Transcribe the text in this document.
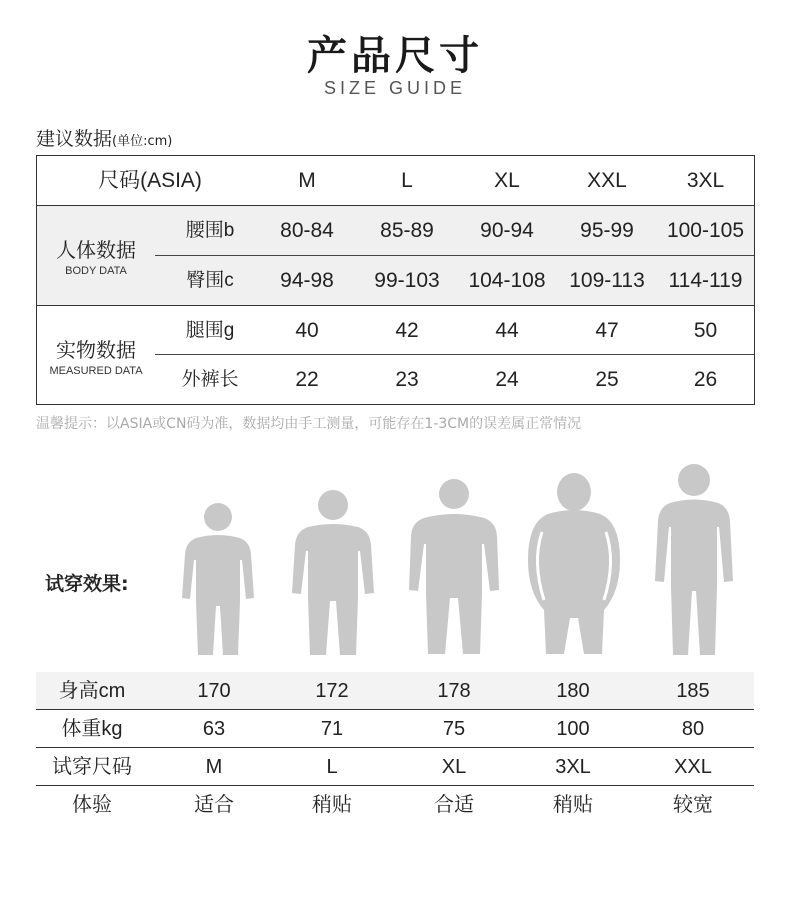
产品尺寸
SIZE GUIDE
建议数据(单位:cm)
尺码(ASIA)	M	L	XL	XXL	3XL
腰围b	80-84	85-89	90-94	95-99	100-105
臀围c	94-98	99-103	104-108	109-113	114-119
人体数据
BODY DATA
腿围g	40	42	44	47	50
外裤长	22	23	24	25	26
实物数据
MEASURED DATA
温馨提示：以ASIA或CN码为准，数据均由手工测量，可能存在1-3CM的误差属正常情况
试穿效果:
身高cm	170	172	178	180	185
体重kg	63	71	75	100	80
试穿尺码	M	L	XL	3XL	XXL
体验	适合	稍贴	合适	稍贴	较宽
